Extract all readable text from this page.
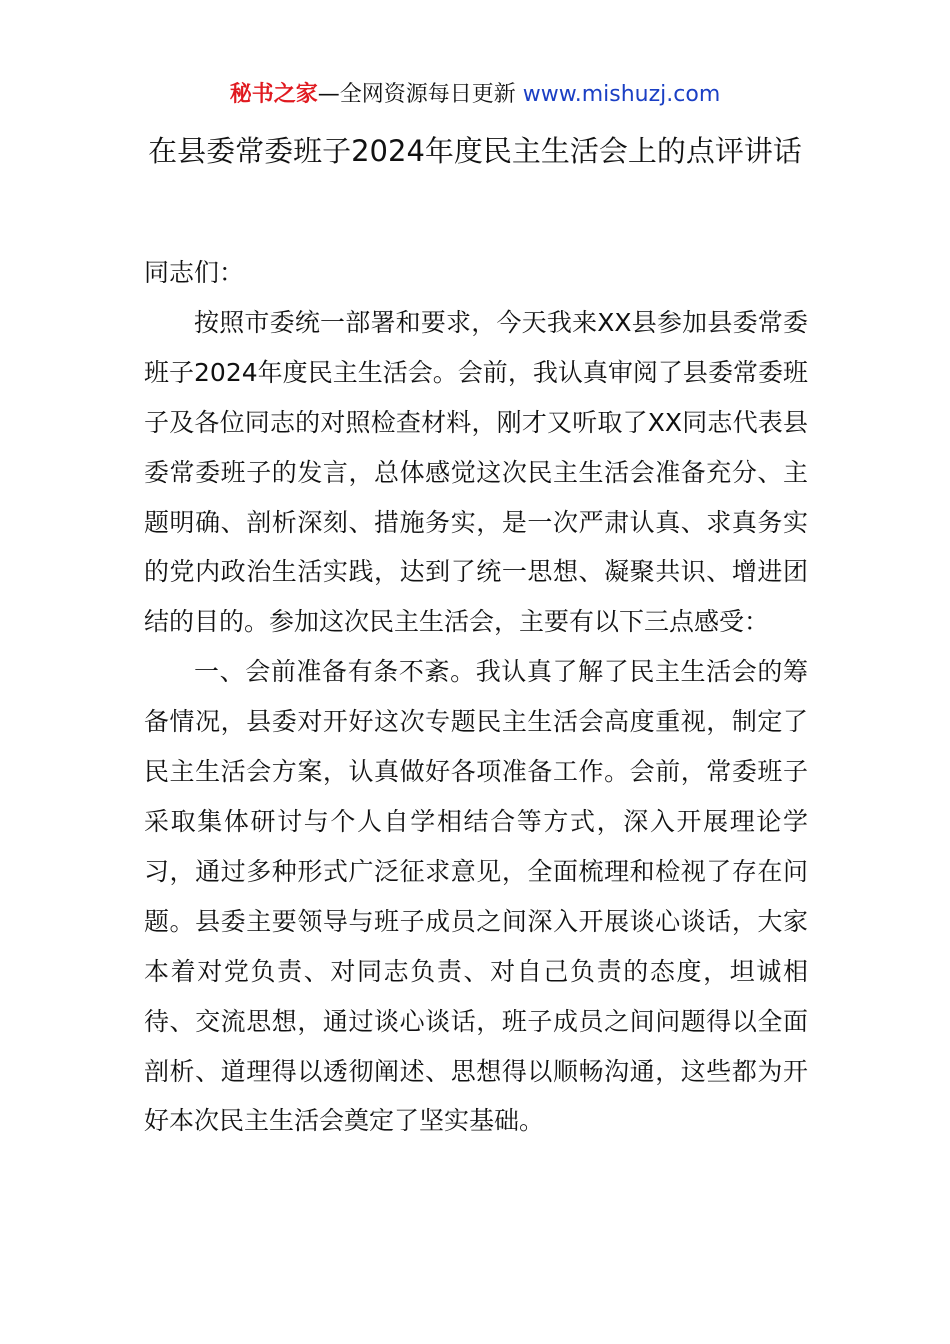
秘书之家—全网资源每日更新 www.mishuzj.com
在县委常委班子2024年度民主生活会上的点评讲话

同志们：

按照市委统一部署和要求，今天我来XX县参加县委常委班子2024年度民主生活会。会前，我认真审阅了县委常委班子及各位同志的对照检查材料，刚才又听取了XX同志代表县委常委班子的发言，总体感觉这次民主生活会准备充分、主题明确、剖析深刻、措施务实，是一次严肃认真、求真务实的党内政治生活实践，达到了统一思想、凝聚共识、增进团结的目的。参加这次民主生活会，主要有以下三点感受：

一、会前准备有条不紊。我认真了解了民主生活会的筹备情况，县委对开好这次专题民主生活会高度重视，制定了民主生活会方案，认真做好各项准备工作。会前，常委班子采取集体研讨与个人自学相结合等方式，深入开展理论学习，通过多种形式广泛征求意见，全面梳理和检视了存在问题。县委主要领导与班子成员之间深入开展谈心谈话，大家本着对党负责、对同志负责、对自己负责的态度，坦诚相待、交流思想，通过谈心谈话，班子成员之间问题得以全面剖析、道理得以透彻阐述、思想得以顺畅沟通，这些都为开好本次民主生活会奠定了坚实基础。
